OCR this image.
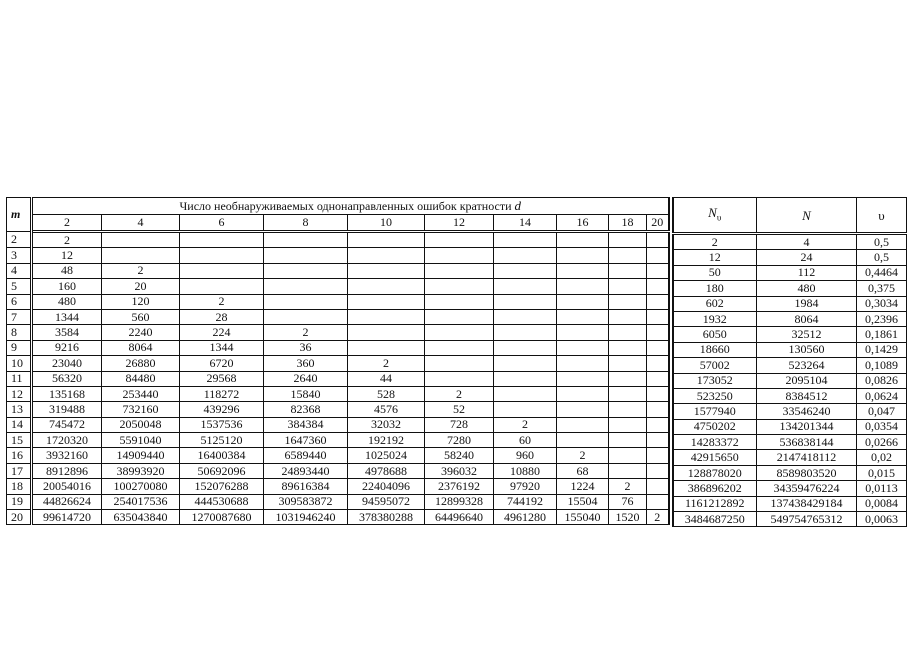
m	Число необнаруживаемых однонаправленных ошибок кратности d									
	2	4	6	8	10	12	14	16	18	20
2	2									
3	12									
4	48	2								
5	160	20								
6	480	120	2							
7	1344	560	28							
8	3584	2240	224	2						
9	9216	8064	1344	36						
10	23040	26880	6720	360	2					
11	56320	84480	29568	2640	44					
12	135168	253440	118272	15840	528	2				
13	319488	732160	439296	82368	4576	52				
14	745472	2050048	1537536	384384	32032	728	2			
15	1720320	5591040	5125120	1647360	192192	7280	60			
16	3932160	14909440	16400384	6589440	1025024	58240	960	2		
17	8912896	38993920	50692096	24893440	4978688	396032	10880	68		
18	20054016	100270080	152076288	89616384	22404096	2376192	97920	1224	2	
19	44826624	254017536	444530688	309583872	94595072	12899328	744192	15504	76	
20	99614720	635043840	1270087680	1031946240	378380288	64496640	4961280	155040	1520	2
$N_\upsilon$	N	υ
2	4	0,5
12	24	0,5
50	112	0,4464
180	480	0,375
602	1984	0,3034
1932	8064	0,2396
6050	32512	0,1861
18660	130560	0,1429
57002	523264	0,1089
173052	2095104	0,0826
523250	8384512	0,0624
1577940	33546240	0,047
4750202	134201344	0,0354
14283372	536838144	0,0266
42915650	2147418112	0,02
128878020	8589803520	0,015
386896202	34359476224	0,0113
1161212892	137438429184	0,0084
3484687250	549754765312	0,0063
